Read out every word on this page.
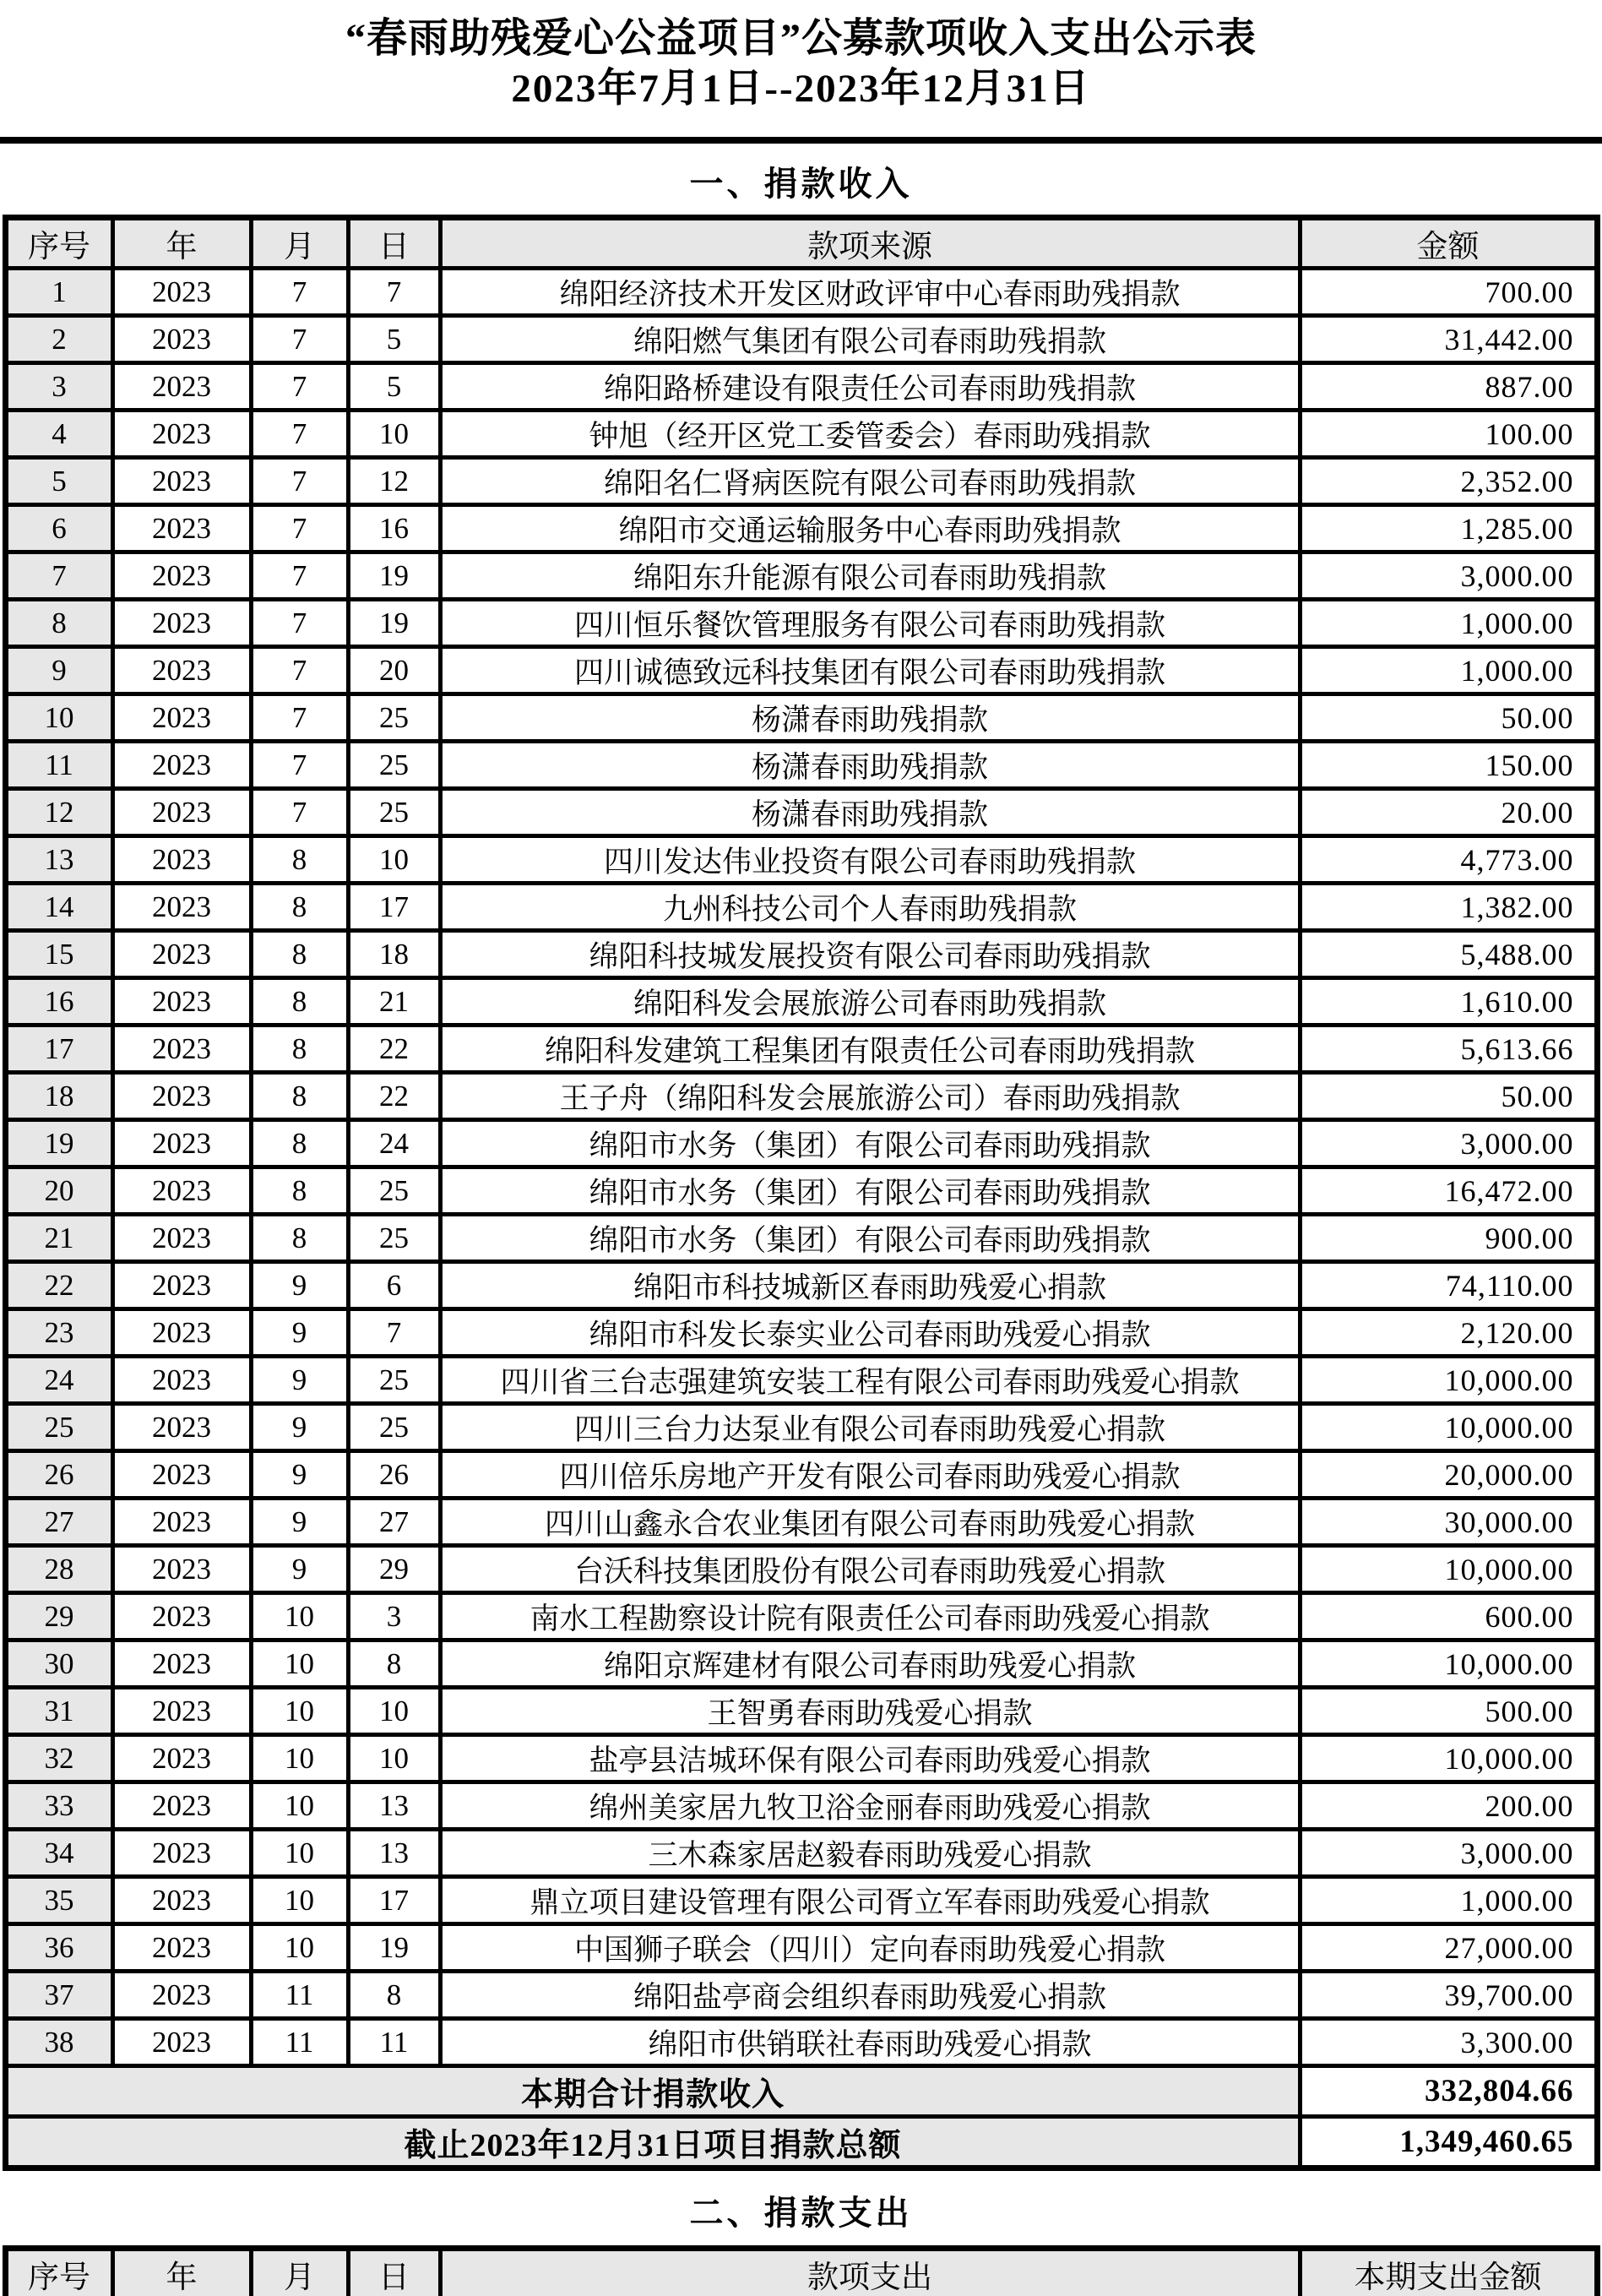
“春雨助残爱心公益项目”公募款项收入支出公示表
2023年7月1日--2023年12月31日
一、捐款收入
序号	年	月	日	款项来源	金额
1	2023	7	7	绵阳经济技术开发区财政评审中心春雨助残捐款	700.00
2	2023	7	5	绵阳燃气集团有限公司春雨助残捐款	31,442.00
3	2023	7	5	绵阳路桥建设有限责任公司春雨助残捐款	887.00
4	2023	7	10	钟旭（经开区党工委管委会）春雨助残捐款	100.00
5	2023	7	12	绵阳名仁肾病医院有限公司春雨助残捐款	2,352.00
6	2023	7	16	绵阳市交通运输服务中心春雨助残捐款	1,285.00
7	2023	7	19	绵阳东升能源有限公司春雨助残捐款	3,000.00
8	2023	7	19	四川恒乐餐饮管理服务有限公司春雨助残捐款	1,000.00
9	2023	7	20	四川诚德致远科技集团有限公司春雨助残捐款	1,000.00
10	2023	7	25	杨潇春雨助残捐款	50.00
11	2023	7	25	杨潇春雨助残捐款	150.00
12	2023	7	25	杨潇春雨助残捐款	20.00
13	2023	8	10	四川发达伟业投资有限公司春雨助残捐款	4,773.00
14	2023	8	17	九州科技公司个人春雨助残捐款	1,382.00
15	2023	8	18	绵阳科技城发展投资有限公司春雨助残捐款	5,488.00
16	2023	8	21	绵阳科发会展旅游公司春雨助残捐款	1,610.00
17	2023	8	22	绵阳科发建筑工程集团有限责任公司春雨助残捐款	5,613.66
18	2023	8	22	王子舟（绵阳科发会展旅游公司）春雨助残捐款	50.00
19	2023	8	24	绵阳市水务（集团）有限公司春雨助残捐款	3,000.00
20	2023	8	25	绵阳市水务（集团）有限公司春雨助残捐款	16,472.00
21	2023	8	25	绵阳市水务（集团）有限公司春雨助残捐款	900.00
22	2023	9	6	绵阳市科技城新区春雨助残爱心捐款	74,110.00
23	2023	9	7	绵阳市科发长泰实业公司春雨助残爱心捐款	2,120.00
24	2023	9	25	四川省三台志强建筑安装工程有限公司春雨助残爱心捐款	10,000.00
25	2023	9	25	四川三台力达泵业有限公司春雨助残爱心捐款	10,000.00
26	2023	9	26	四川倍乐房地产开发有限公司春雨助残爱心捐款	20,000.00
27	2023	9	27	四川山鑫永合农业集团有限公司春雨助残爱心捐款	30,000.00
28	2023	9	29	台沃科技集团股份有限公司春雨助残爱心捐款	10,000.00
29	2023	10	3	南水工程勘察设计院有限责任公司春雨助残爱心捐款	600.00
30	2023	10	8	绵阳京辉建材有限公司春雨助残爱心捐款	10,000.00
31	2023	10	10	王智勇春雨助残爱心捐款	500.00
32	2023	10	10	盐亭县洁城环保有限公司春雨助残爱心捐款	10,000.00
33	2023	10	13	绵州美家居九牧卫浴金丽春雨助残爱心捐款	200.00
34	2023	10	13	三木森家居赵毅春雨助残爱心捐款	3,000.00
35	2023	10	17	鼎立项目建设管理有限公司胥立军春雨助残爱心捐款	1,000.00
36	2023	10	19	中国狮子联会（四川）定向春雨助残爱心捐款	27,000.00
37	2023	11	8	绵阳盐亭商会组织春雨助残爱心捐款	39,700.00
38	2023	11	11	绵阳市供销联社春雨助残爱心捐款	3,300.00
本期合计捐款收入					332,804.66
截止2023年12月31日项目捐款总额					1,349,460.65
二、捐款支出
序号	年	月	日	款项支出	本期支出金额
